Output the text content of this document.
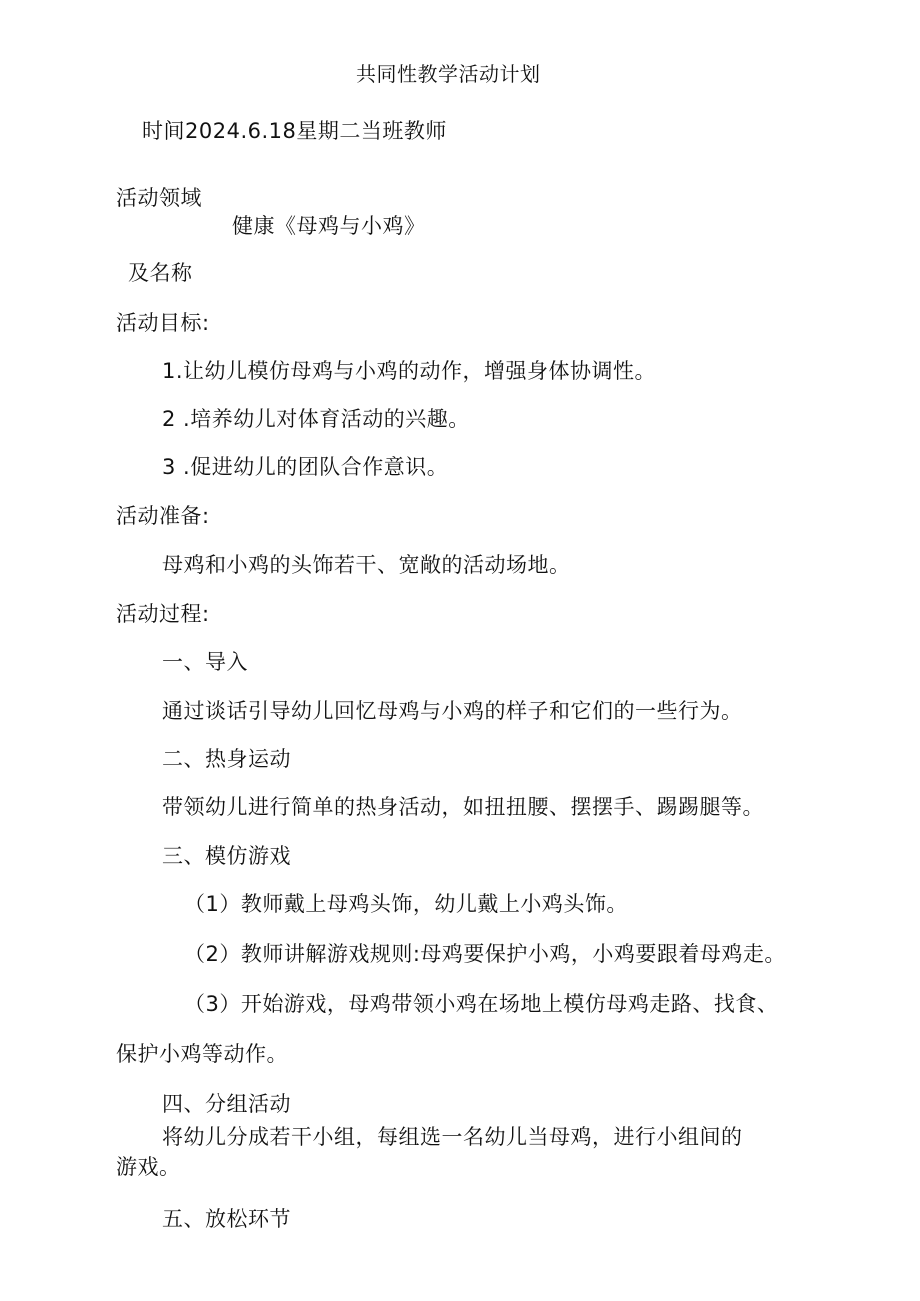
共同性教学活动计划
时间2024.6.18星期二当班教师
活动领域
健康《母鸡与小鸡》
及名称
活动目标:
1.让幼儿模仿母鸡与小鸡的动作，增强身体协调性。
2 .培养幼儿对体育活动的兴趣。
3 .促进幼儿的团队合作意识。
活动准备:
母鸡和小鸡的头饰若干、宽敞的活动场地。
活动过程:
一、导入
通过谈话引导幼儿回忆母鸡与小鸡的样子和它们的一些行为。
二、热身运动
带领幼儿进行简单的热身活动，如扭扭腰、摆摆手、踢踢腿等。
三、模仿游戏
（1）教师戴上母鸡头饰，幼儿戴上小鸡头饰。
（2）教师讲解游戏规则:母鸡要保护小鸡，小鸡要跟着母鸡走。
（3）开始游戏，母鸡带领小鸡在场地上模仿母鸡走路、找食、
保护小鸡等动作。
四、分组活动
将幼儿分成若干小组，每组选一名幼儿当母鸡，进行小组间的
游戏。
五、放松环节
